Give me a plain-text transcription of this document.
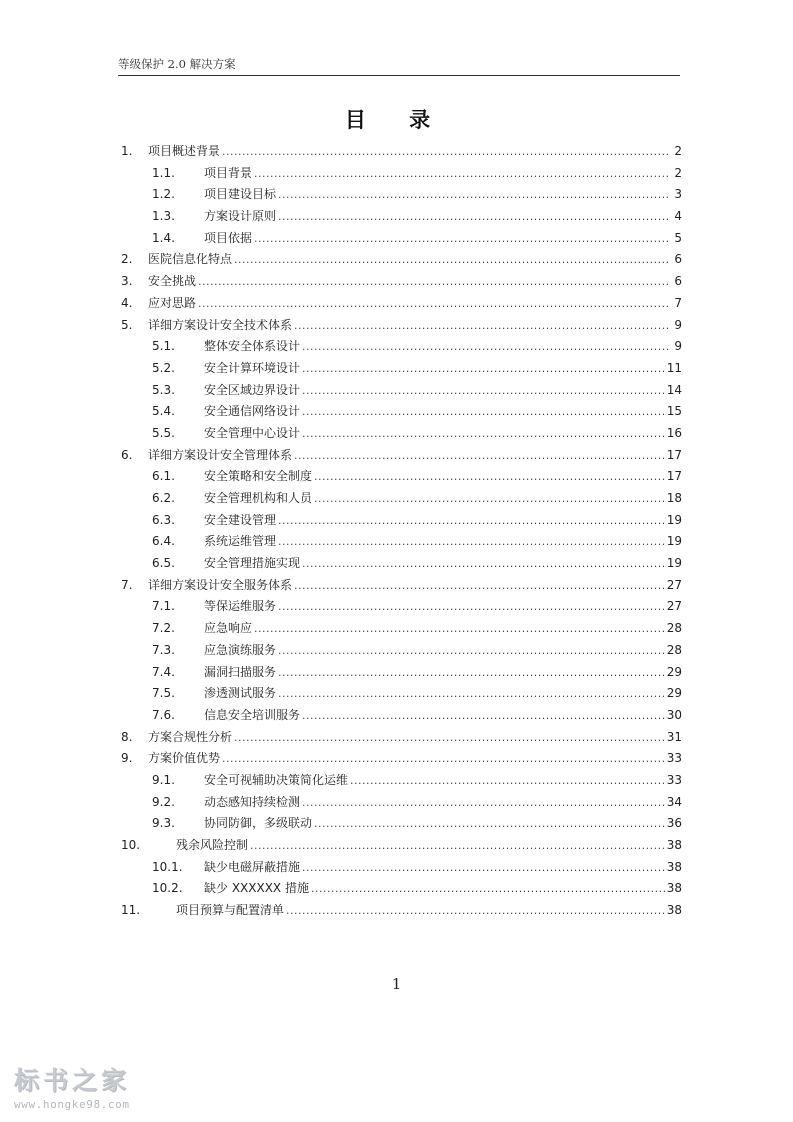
等级保护 2.0 解决方案
目 录
1.	项目概述背景 .....	2
1.1.	项目背景 .....	2
1.2.	项目建设目标 .....	3
1.3.	方案设计原则 .....	4
1.4.	项目依据 .....	5
2.	医院信息化特点 .....	6
3.	安全挑战 .....	6
4.	应对思路 .....	7
5.	详细方案设计安全技术体系 .....	9
5.1.	整体安全体系设计 .....	9
5.2.	安全计算环境设计 .....	11
5.3.	安全区域边界设计 .....	14
5.4.	安全通信网络设计 .....	15
5.5.	安全管理中心设计 .....	16
6.	详细方案设计安全管理体系 .....	17
6.1.	安全策略和安全制度 .....	17
6.2.	安全管理机构和人员 .....	18
6.3.	安全建设管理 .....	19
6.4.	系统运维管理 .....	19
6.5.	安全管理措施实现 .....	19
7.	详细方案设计安全服务体系 .....	27
7.1.	等保运维服务 .....	27
7.2.	应急响应 .....	28
7.3.	应急演练服务 .....	28
7.4.	漏洞扫描服务 .....	29
7.5.	渗透测试服务 .....	29
7.6.	信息安全培训服务 .....	30
8.	方案合规性分析 .....	31
9.	方案价值优势 .....	33
9.1.	安全可视辅助决策简化运维 .....	33
9.2.	动态感知持续检测 .....	34
9.3.	协同防御，多级联动 .....	36
10.	残余风险控制 .....	38
10.1.	缺少电磁屏蔽措施 .....	38
10.2.	缺少 XXXXXX 措施 .....	38
11.	项目预算与配置清单 .....	38
1
标书之家
www.hongke98.com
